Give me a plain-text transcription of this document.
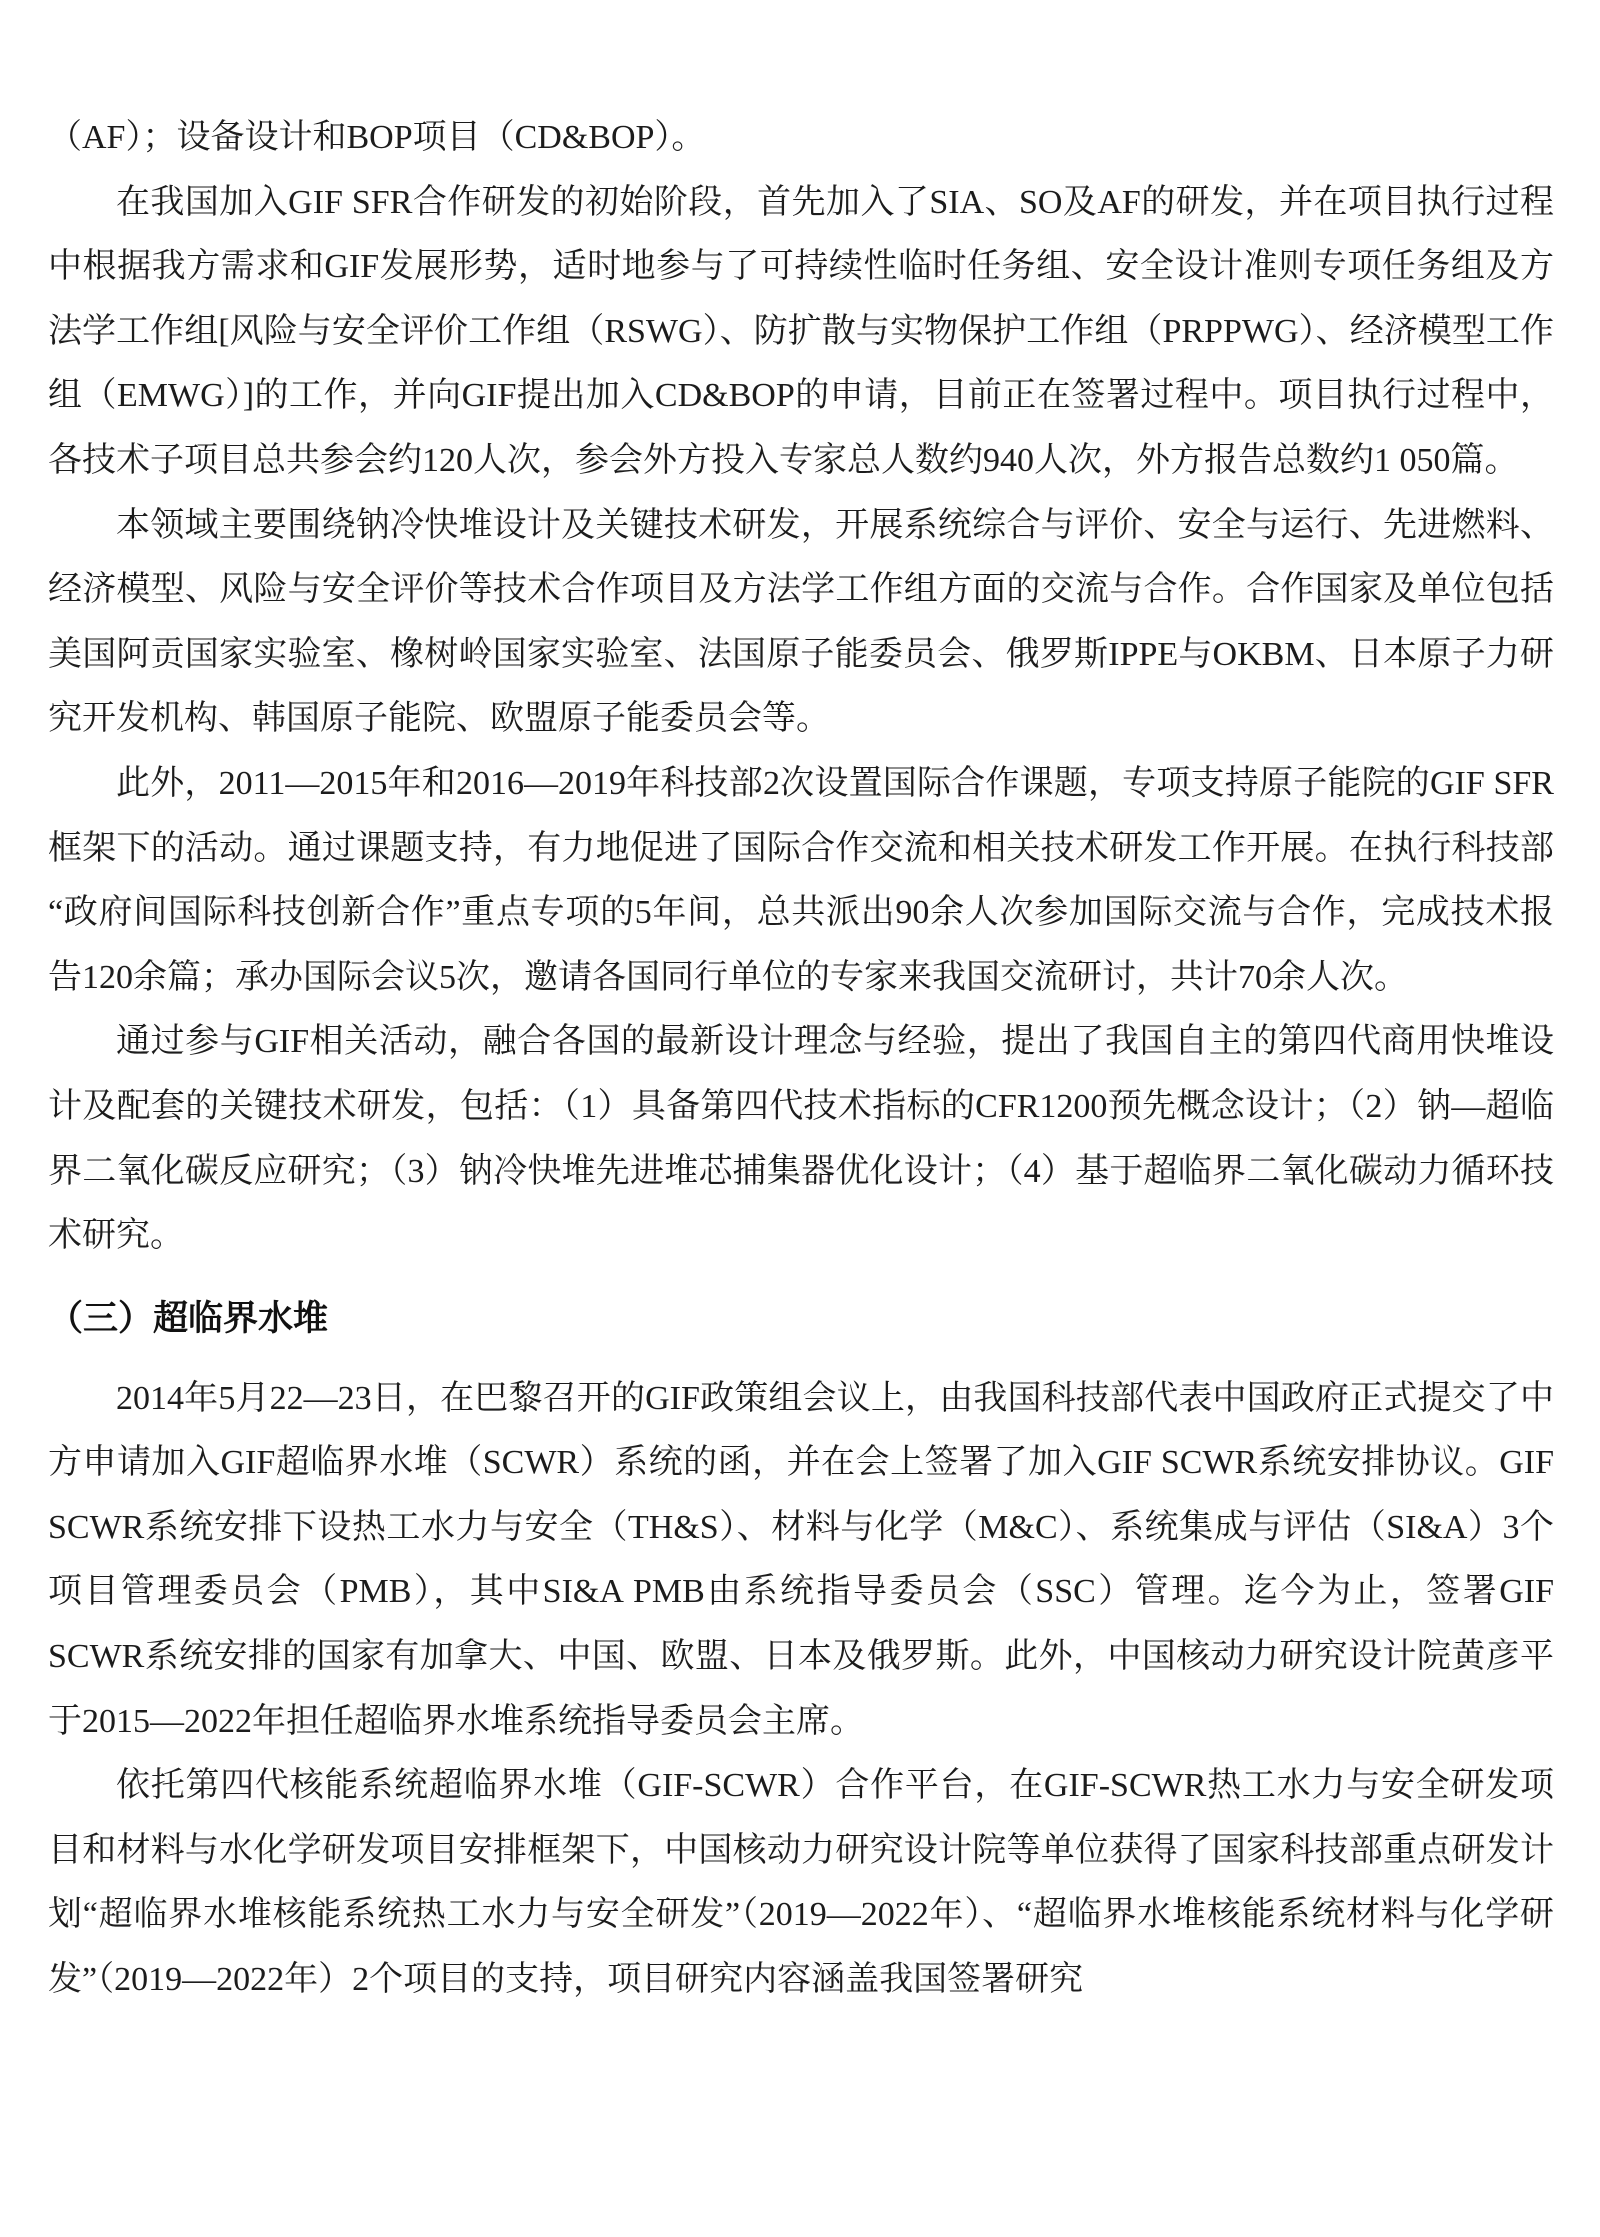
（AF）；设备设计和BOP项目（CD&BOP）。

在我国加入GIF SFR合作研发的初始阶段，首先加入了SIA、SO及AF的研发，并在项目执行过程中根据我方需求和GIF发展形势，适时地参与了可持续性临时任务组、安全设计准则专项任务组及方法学工作组[风险与安全评价工作组（RSWG）、防扩散与实物保护工作组（PRPPWG）、经济模型工作组（EMWG）]的工作，并向GIF提出加入CD&BOP的申请，目前正在签署过程中。项目执行过程中，各技术子项目总共参会约120人次，参会外方投入专家总人数约940人次，外方报告总数约1 050篇。

本领域主要围绕钠冷快堆设计及关键技术研发，开展系统综合与评价、安全与运行、先进燃料、经济模型、风险与安全评价等技术合作项目及方法学工作组方面的交流与合作。合作国家及单位包括美国阿贡国家实验室、橡树岭国家实验室、法国原子能委员会、俄罗斯IPPE与OKBM、日本原子力研究开发机构、韩国原子能院、欧盟原子能委员会等。

此外，2011—2015年和2016—2019年科技部2次设置国际合作课题，专项支持原子能院的GIF SFR框架下的活动。通过课题支持，有力地促进了国际合作交流和相关技术研发工作开展。在执行科技部“政府间国际科技创新合作”重点专项的5年间，总共派出90余人次参加国际交流与合作，完成技术报告120余篇；承办国际会议5次，邀请各国同行单位的专家来我国交流研讨，共计70余人次。

通过参与GIF相关活动，融合各国的最新设计理念与经验，提出了我国自主的第四代商用快堆设计及配套的关键技术研发，包括：（1）具备第四代技术指标的CFR1200预先概念设计；（2）钠—超临界二氧化碳反应研究；（3）钠冷快堆先进堆芯捕集器优化设计；（4）基于超临界二氧化碳动力循环技术研究。

（三）超临界水堆

2014年5月22—23日，在巴黎召开的GIF政策组会议上，由我国科技部代表中国政府正式提交了中方申请加入GIF超临界水堆（SCWR）系统的函，并在会上签署了加入GIF SCWR系统安排协议。GIF SCWR系统安排下设热工水力与安全（TH&S）、材料与化学（M&C）、系统集成与评估（SI&A）3个项目管理委员会（PMB），其中SI&A PMB由系统指导委员会（SSC）管理。迄今为止，签署GIF SCWR系统安排的国家有加拿大、中国、欧盟、日本及俄罗斯。此外，中国核动力研究设计院黄彦平于2015—2022年担任超临界水堆系统指导委员会主席。

依托第四代核能系统超临界水堆（GIF-SCWR）合作平台，在GIF-SCWR热工水力与安全研发项目和材料与水化学研发项目安排框架下，中国核动力研究设计院等单位获得了国家科技部重点研发计划“超临界水堆核能系统热工水力与安全研发”（2019—2022年）、“超临界水堆核能系统材料与化学研发”（2019—2022年）2个项目的支持，项目研究内容涵盖我国签署研究
